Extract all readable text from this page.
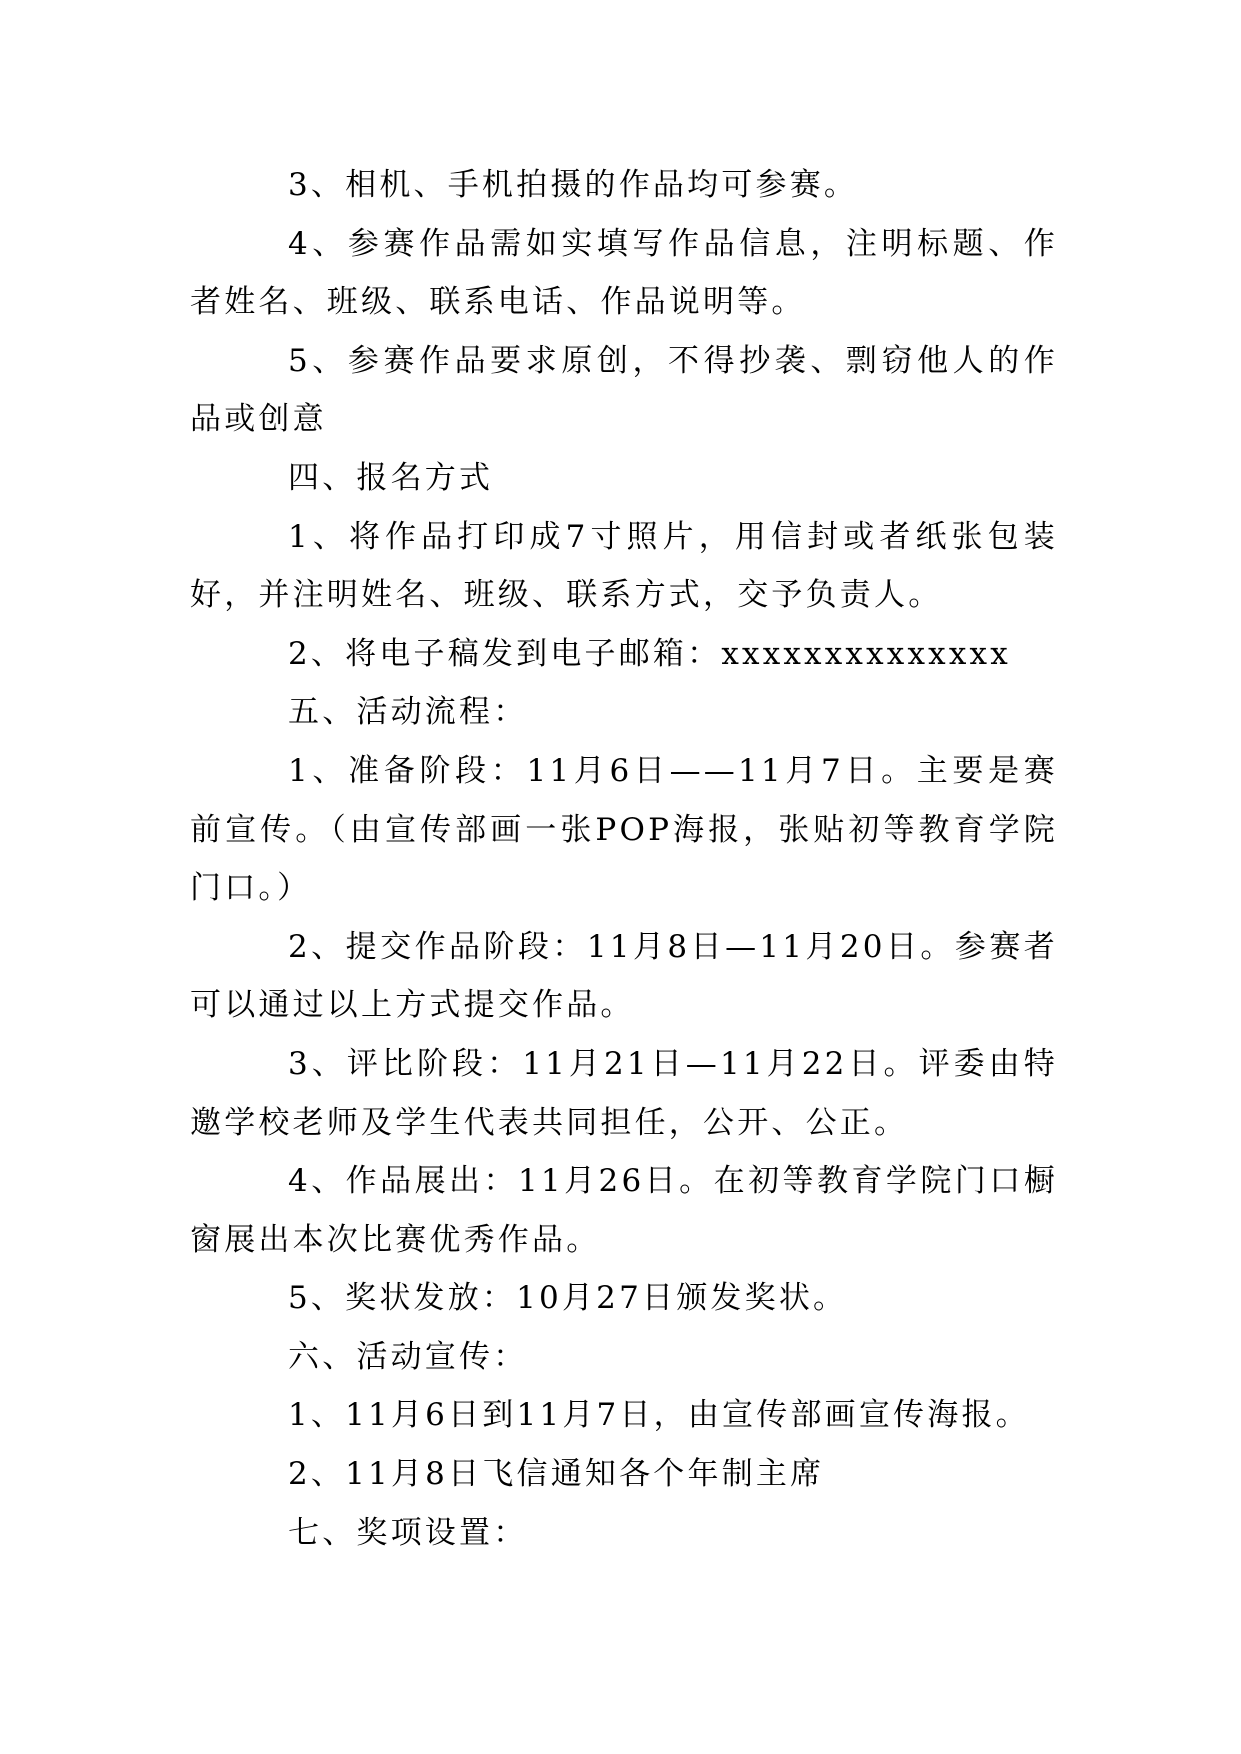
3、相机、手机拍摄的作品均可参赛。

4、参赛作品需如实填写作品信息，注明标题、作者姓名、班级、联系电话、作品说明等。

5、参赛作品要求原创，不得抄袭、剽窃他人的作品或创意

四、报名方式

1、将作品打印成7寸照片，用信封或者纸张包装好，并注明姓名、班级、联系方式，交予负责人。

2、将电子稿发到电子邮箱：xxxxxxxxxxxxxx

五、活动流程：

1、准备阶段：11月6日——11月7日。主要是赛前宣传。（由宣传部画一张POP海报，张贴初等教育学院门口。）

2、提交作品阶段：11月8日—11月20日。参赛者可以通过以上方式提交作品。

3、评比阶段：11月21日—11月22日。评委由特邀学校老师及学生代表共同担任，公开、公正。

4、作品展出：11月26日。在初等教育学院门口橱窗展出本次比赛优秀作品。

5、奖状发放：10月27日颁发奖状。

六、活动宣传：

1、11月6日到11月7日，由宣传部画宣传海报。

2、11月8日飞信通知各个年制主席

七、奖项设置：
